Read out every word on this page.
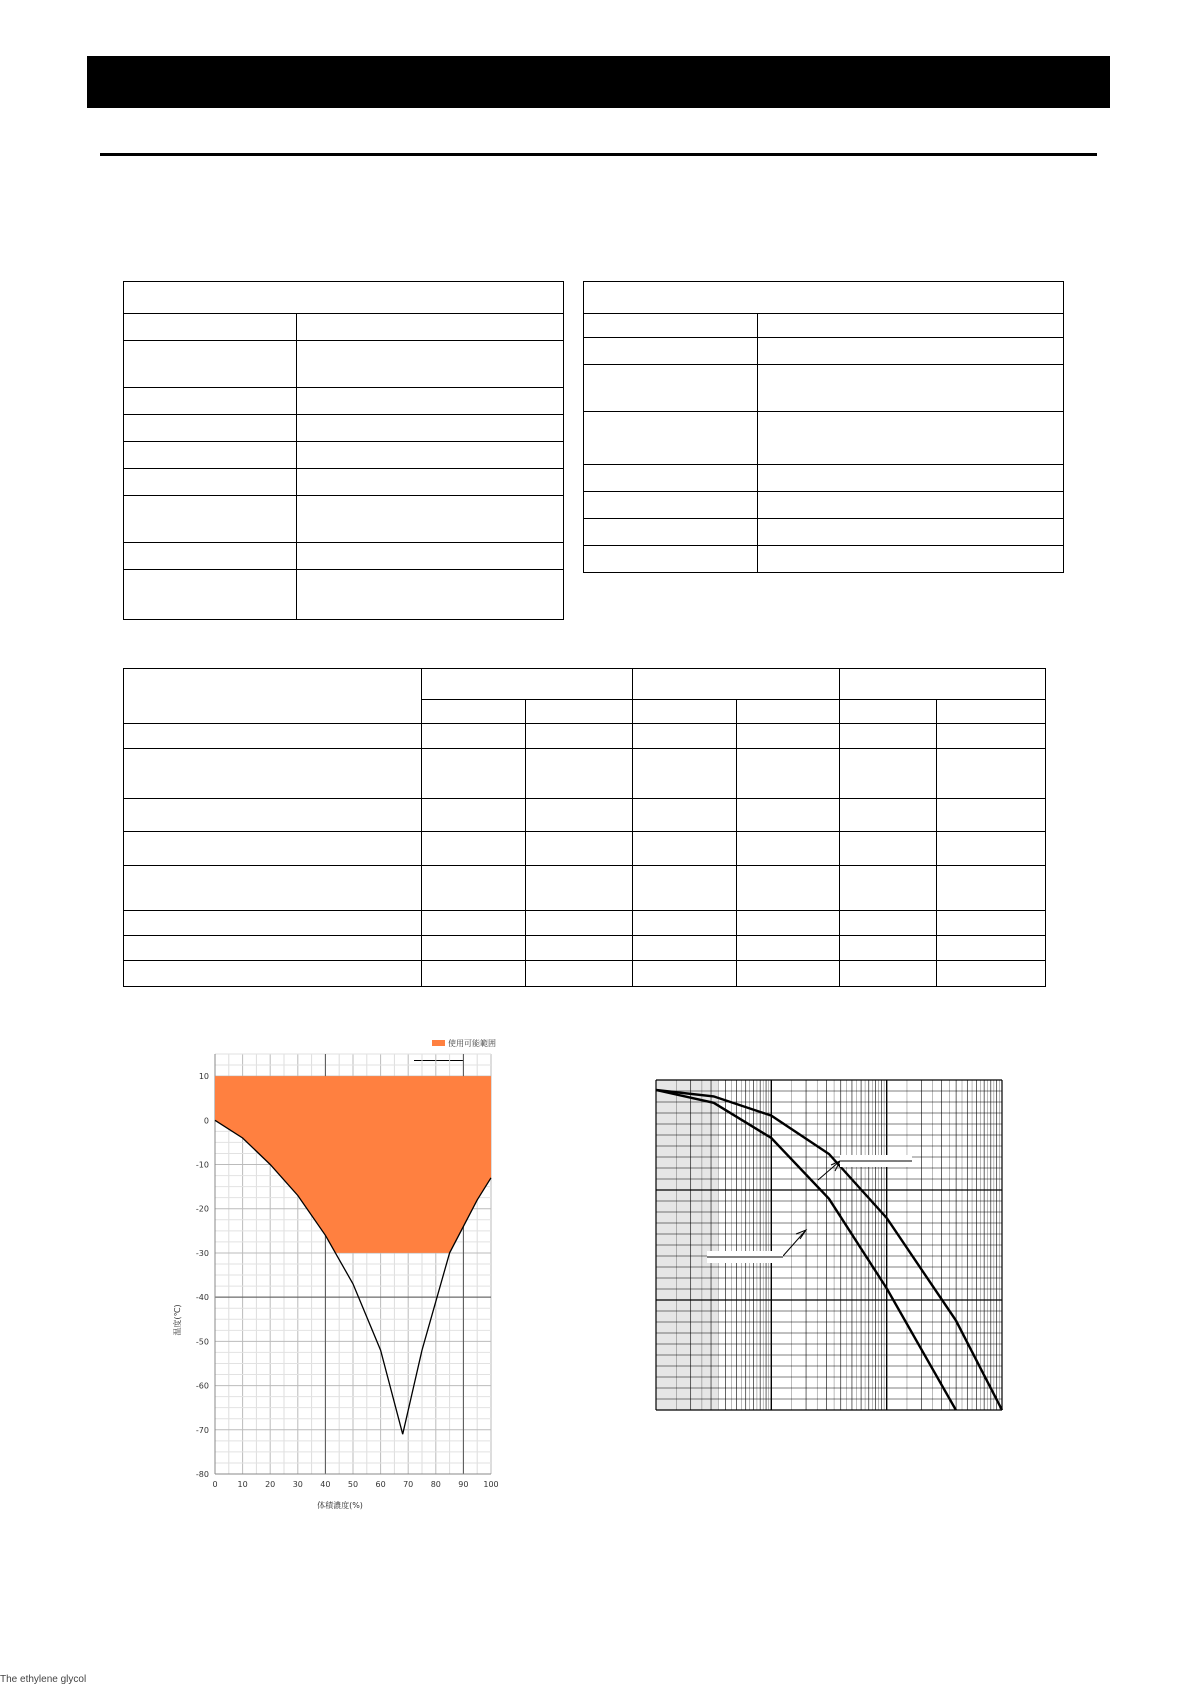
使用可能範囲
10
0
-10
-20
-30
-40
-50
-60
-70
-80
0 10 20 30 40 50 60 70 80 90 100
体積濃度(%)
温度(℃)
The ethylene glycol
